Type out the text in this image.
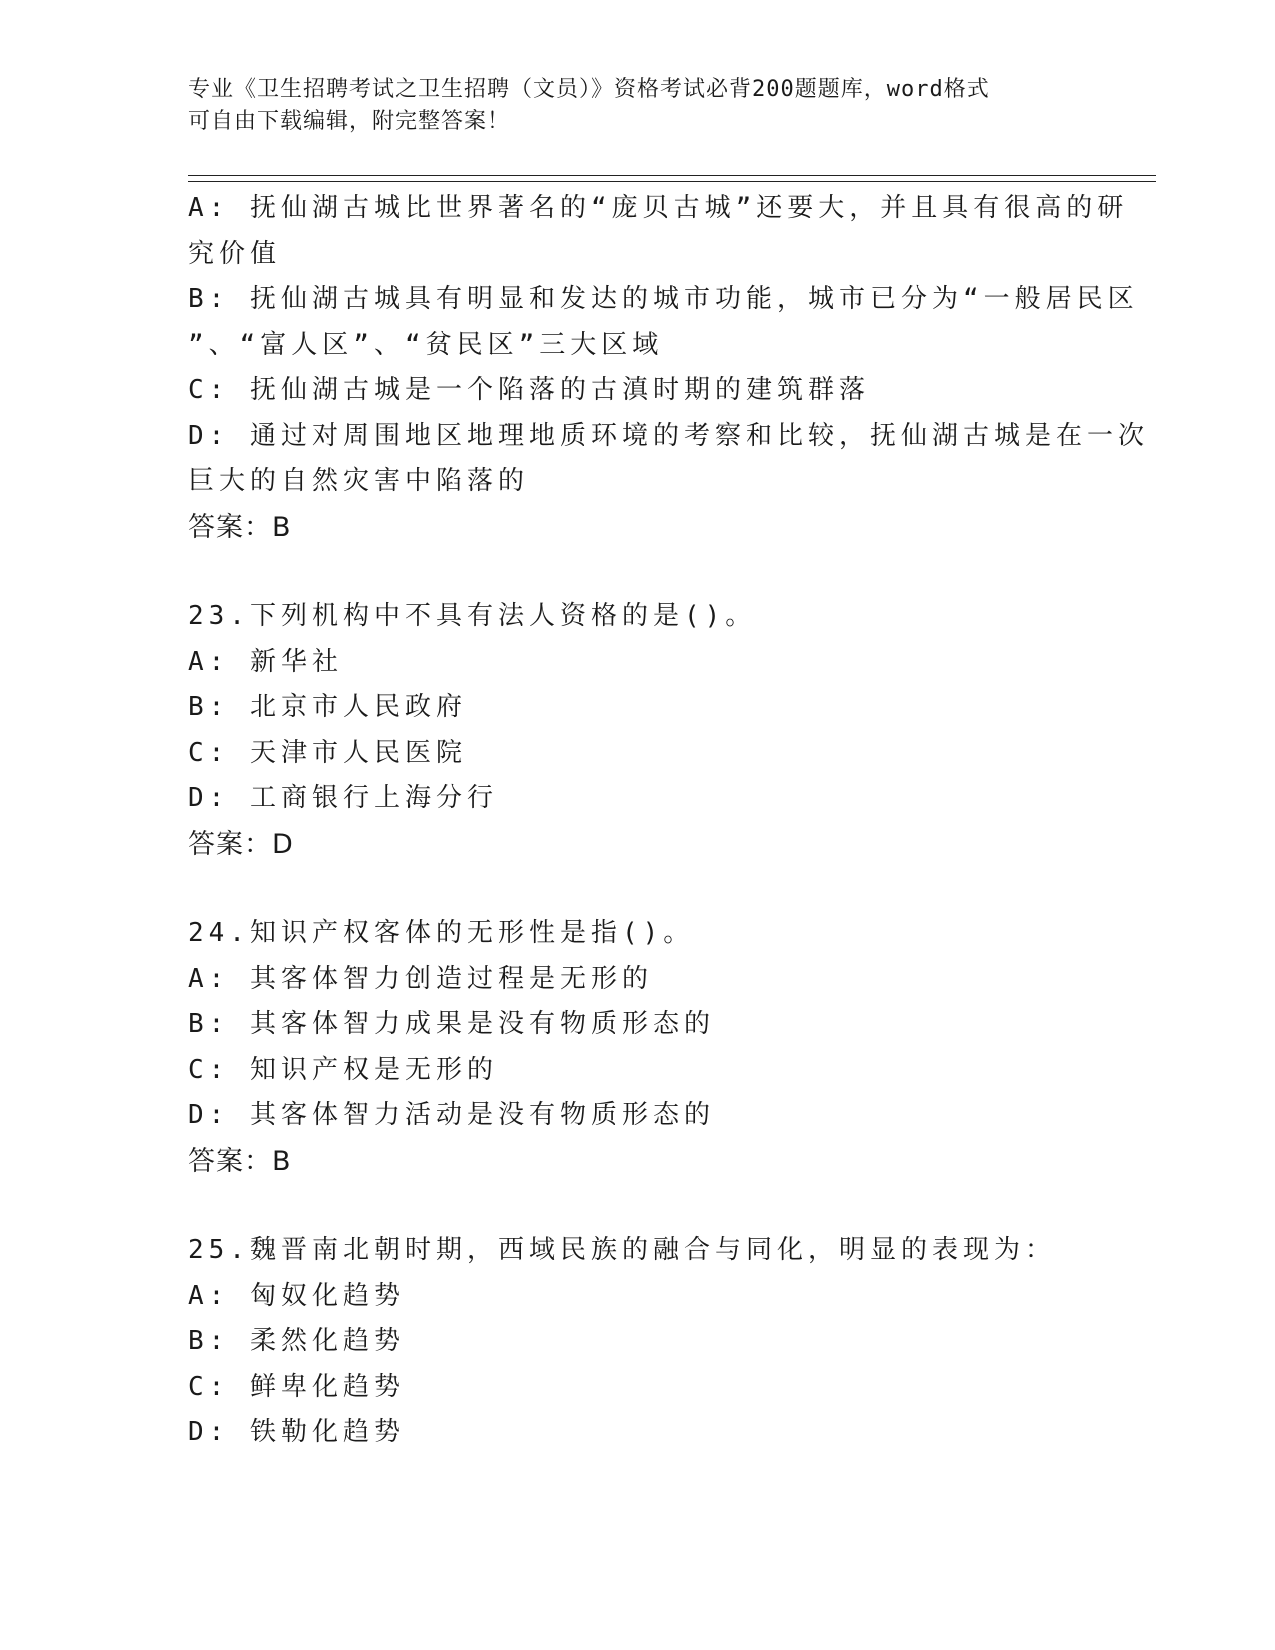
专业《卫生招聘考试之卫生招聘（文员）》资格考试必背200题题库，word格式
可自由下载编辑，附完整答案！
A: 抚仙湖古城比世界著名的“庞贝古城”还要大，并且具有很高的研
究价值
B: 抚仙湖古城具有明显和发达的城市功能，城市已分为“一般居民区
”、“富人区”、“贫民区”三大区域
C: 抚仙湖古城是一个陷落的古滇时期的建筑群落
D: 通过对周围地区地理地质环境的考察和比较，抚仙湖古城是在一次
巨大的自然灾害中陷落的
答案：B
23.下列机构中不具有法人资格的是()。
A: 新华社
B: 北京市人民政府
C: 天津市人民医院
D: 工商银行上海分行
答案：D
24.知识产权客体的无形性是指()。
A: 其客体智力创造过程是无形的
B: 其客体智力成果是没有物质形态的
C: 知识产权是无形的
D: 其客体智力活动是没有物质形态的
答案：B
25.魏晋南北朝时期，西域民族的融合与同化，明显的表现为：
A: 匈奴化趋势
B: 柔然化趋势
C: 鲜卑化趋势
D: 铁勒化趋势
